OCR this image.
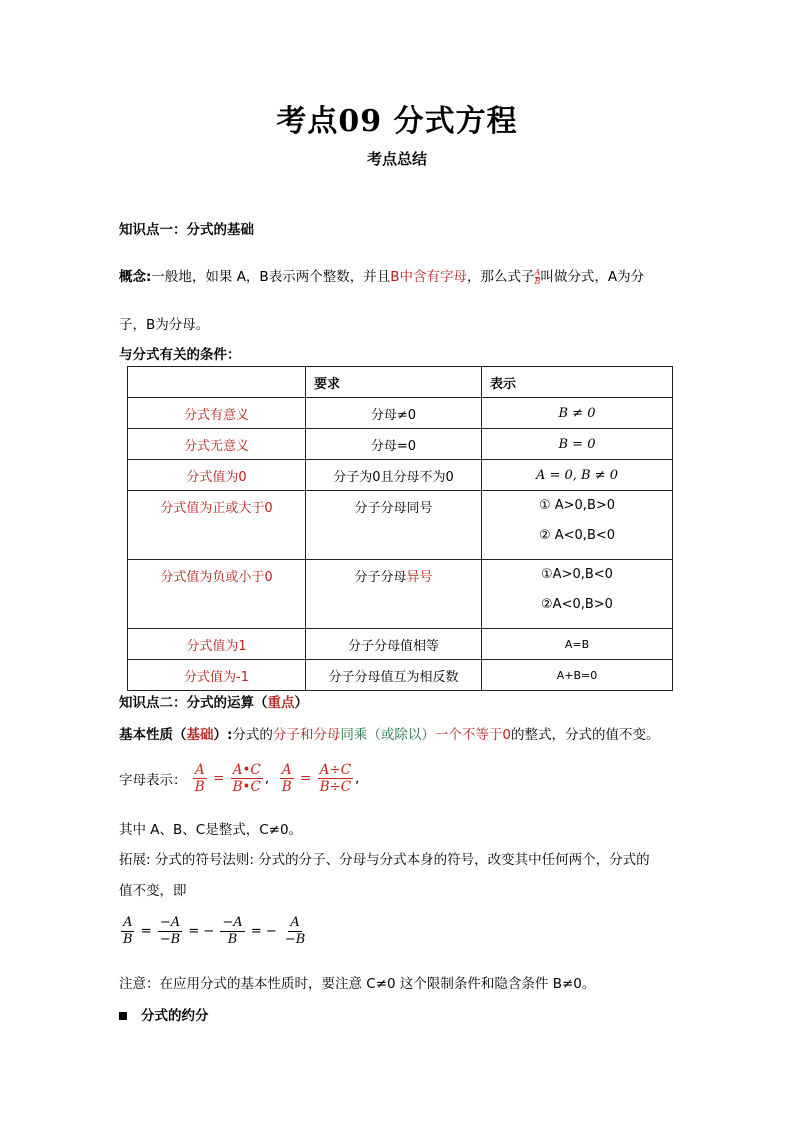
考点09 分式方程
考点总结
知识点一：分式的基础
概念:一般地，如果 A，B表示两个整数，并且B中含有字母，那么式子 $\frac{A}{B}$ 叫做分式，A为分
子，B为分母。
与分式有关的条件：
	要求	表示
分式有意义	分母≠0	B ≠ 0
分式无意义	分母=0	B = 0
分式值为0	分子为0且分母不为0	A = 0, B ≠ 0
分式值为正或大于0	分子分母同号	① A>0,B>0
② A<0,B<0

分式值为负或小于0	分子分母异号	①A>0,B<0
②A<0,B>0

分式值为1	分子分母值相等	A=B
分式值为-1	分子分母值互为相反数	A+B=0
知识点二：分式的运算（重点）
基本性质（基础）:分式的分子和分母同乘（或除以）一个不等于0的整式，分式的值不变。
字母表示： $\frac{A}{B} = \frac{A•C}{B•C}$ , $\frac{A}{B} = \frac{A\div C}{B\div C}$ ,
其中 A、B、C是整式，C≠0。
拓展: 分式的符号法则: 分式的分子、分母与分式本身的符号，改变其中任何两个，分式的
值不变，即
$\frac{A}{B} = \frac{-A}{-B}$ = − $\frac{-A}{B}$ = − $\frac{A}{-B}$
注意：在应用分式的基本性质时，要注意 C≠0 这个限制条件和隐含条件 B≠0。
分式的约分
